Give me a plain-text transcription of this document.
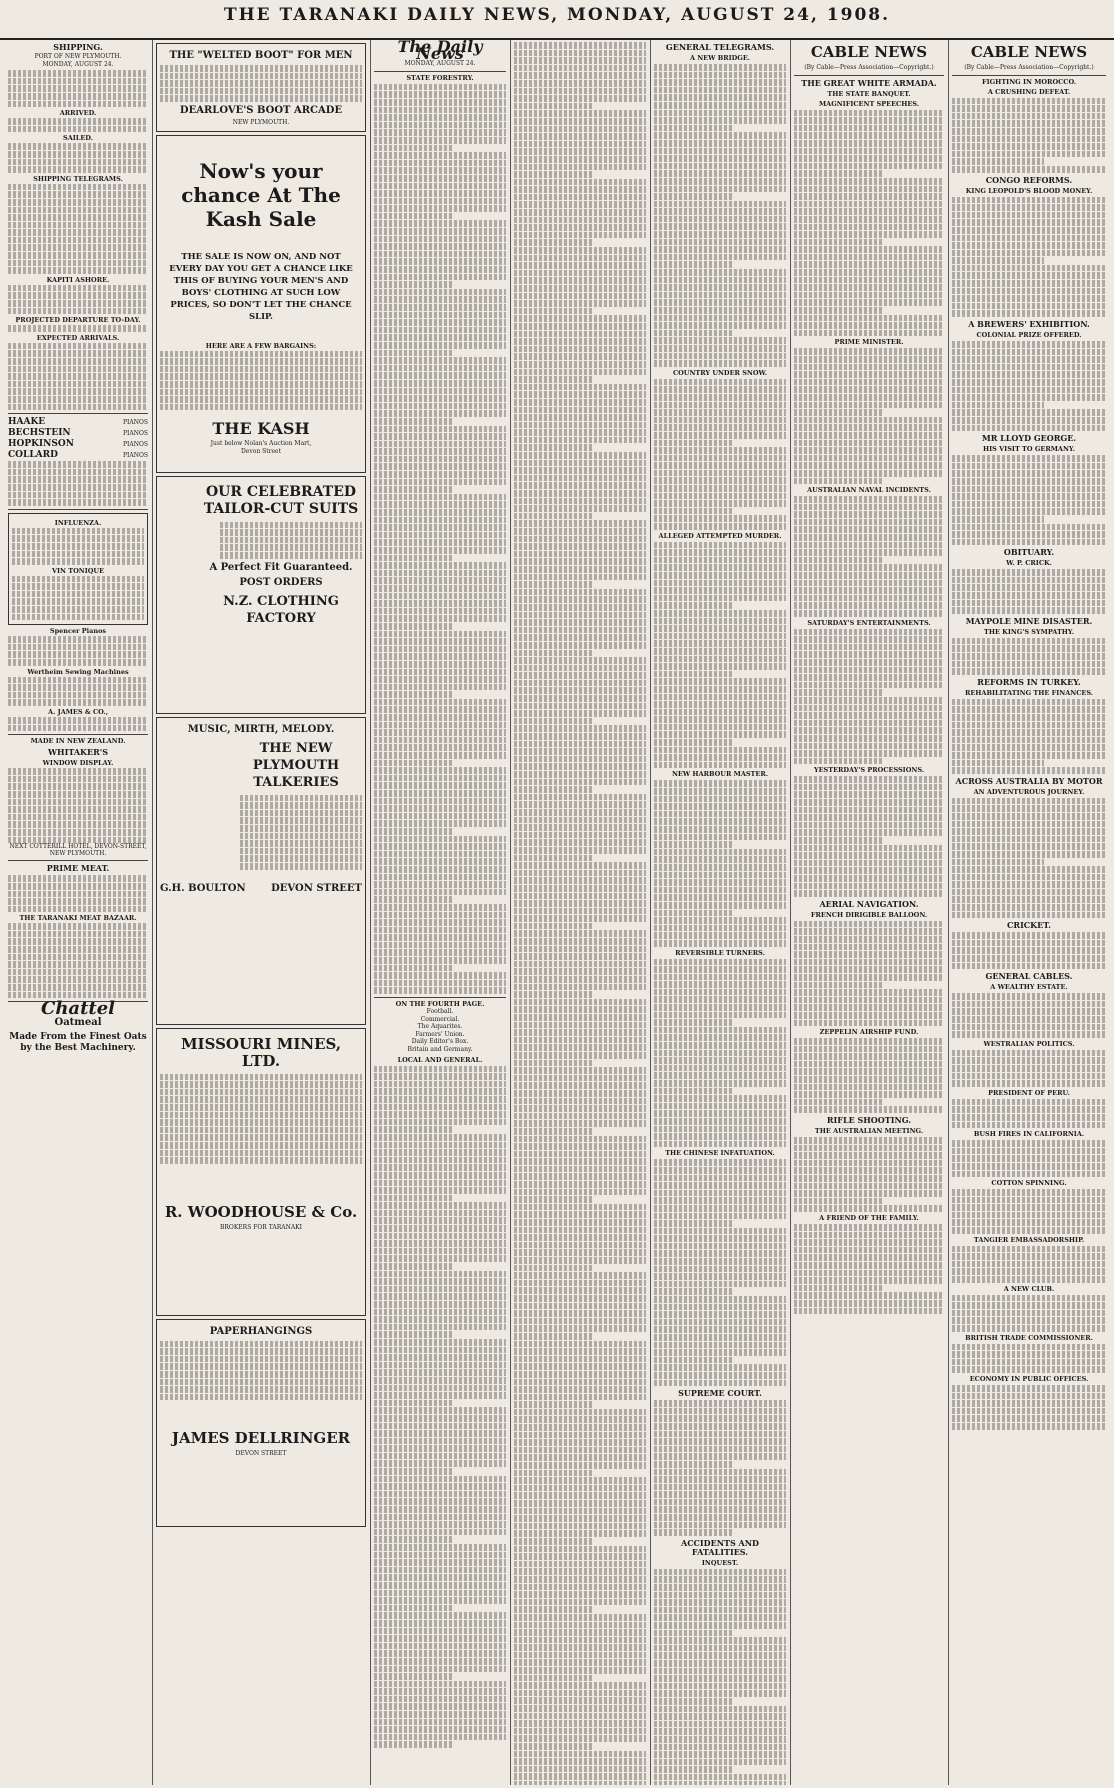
THE TARANAKI DAILY NEWS, MONDAY, AUGUST 24, 1908.
SHIPPING.
PORT OF NEW PLYMOUTH.
MONDAY, AUGUST 24.
ARRIVED.
SAILED.
SHIPPING TELEGRAMS.
KAPITI ASHORE.
PROJECTED DEPARTURE TO-DAY.
EXPECTED ARRIVALS.
HAAKE
BECHSTEIN
HOPKINSON
COLLARD
PIANOS
PIANOS
PIANOS
PIANOS
INFLUENZA.
VIN TONIQUE
Spencer Pianos
Wertheim Sewing Machines
A. JAMES & CO.,
MADE IN NEW ZEALAND.
WHITAKER'S
WINDOW DISPLAY.
NEXT COTTERILL HOTEL, DEVON-STREET, NEW PLYMOUTH.
PRIME MEAT.
THE TARANAKI MEAT BAZAAR.
Chattel
Oatmeal
Made From the Finest Oats by the Best Machinery.
THE "WELTED BOOT" FOR MEN
DEARLOVE'S BOOT ARCADE
NEW PLYMOUTH.
Now's your chance At The Kash Sale
THE SALE IS NOW ON, AND NOT EVERY DAY YOU GET A CHANCE LIKE THIS OF BUYING YOUR MEN'S AND BOYS' CLOTHING AT SUCH LOW PRICES, SO DON'T LET THE CHANCE SLIP.
HERE ARE A FEW BARGAINS:
THE KASH
Just below Nolan's Auction Mart,
Devon Street
OUR CELEBRATED TAILOR-CUT SUITS
A Perfect Fit Guaranteed.
POST ORDERS
N.Z. CLOTHING FACTORY
MUSIC, MIRTH, MELODY.
THE NEW PLYMOUTH TALKERIES
G.H. BOULTON	DEVON STREET
MISSOURI MINES, LTD.
R. WOODHOUSE & Co.
BROKERS FOR TARANAKI
PAPERHANGINGS
JAMES DELLRINGER
DEVON STREET
The Daily News
MONDAY, AUGUST 24.
STATE FORESTRY.
ON THE FOURTH PAGE.
Football.
Commercial.
The Aquarites.
Farmers' Union.
Daily Editor's Box.
Britain and Germany.
LOCAL AND GENERAL.
GENERAL TELEGRAMS.
A NEW BRIDGE.
COUNTRY UNDER SNOW.
ALLEGED ATTEMPTED MURDER.
NEW HARBOUR MASTER.
REVERSIBLE TURNERS.
THE CHINESE INFATUATION.
SUPREME COURT.
ACCIDENTS AND FATALITIES.
INQUEST.
CABLE NEWS
(By Cable—Press Association—Copyright.)
THE GREAT WHITE ARMADA.
THE STATE BANQUET.
MAGNIFICENT SPEECHES.
PRIME MINISTER.
AUSTRALIAN NAVAL INCIDENTS.
SATURDAY'S ENTERTAINMENTS.
YESTERDAY'S PROCESSIONS.
AERIAL NAVIGATION.
FRENCH DIRIGIBLE BALLOON.
ZEPPELIN AIRSHIP FUND.
RIFLE SHOOTING.
THE AUSTRALIAN MEETING.
A FRIEND OF THE FAMILY.
CABLE NEWS
(By Cable—Press Association—Copyright.)
FIGHTING IN MOROCCO.
A CRUSHING DEFEAT.
CONGO REFORMS.
KING LEOPOLD'S BLOOD MONEY.
A BREWERS' EXHIBITION.
COLONIAL PRIZE OFFERED.
MR LLOYD GEORGE.
HIS VISIT TO GERMANY.
OBITUARY.
W. P. CRICK.
MAYPOLE MINE DISASTER.
THE KING'S SYMPATHY.
REFORMS IN TURKEY.
REHABILITATING THE FINANCES.
ACROSS AUSTRALIA BY MOTOR
AN ADVENTUROUS JOURNEY.
CRICKET.
GENERAL CABLES.
A WEALTHY ESTATE.
WESTRALIAN POLITICS.
PRESIDENT OF PERU.
BUSH FIRES IN CALIFORNIA.
COTTON SPINNING.
TANGIER EMBASSADORSHIP.
A NEW CLUB.
BRITISH TRADE COMMISSIONER.
ECONOMY IN PUBLIC OFFICES.
